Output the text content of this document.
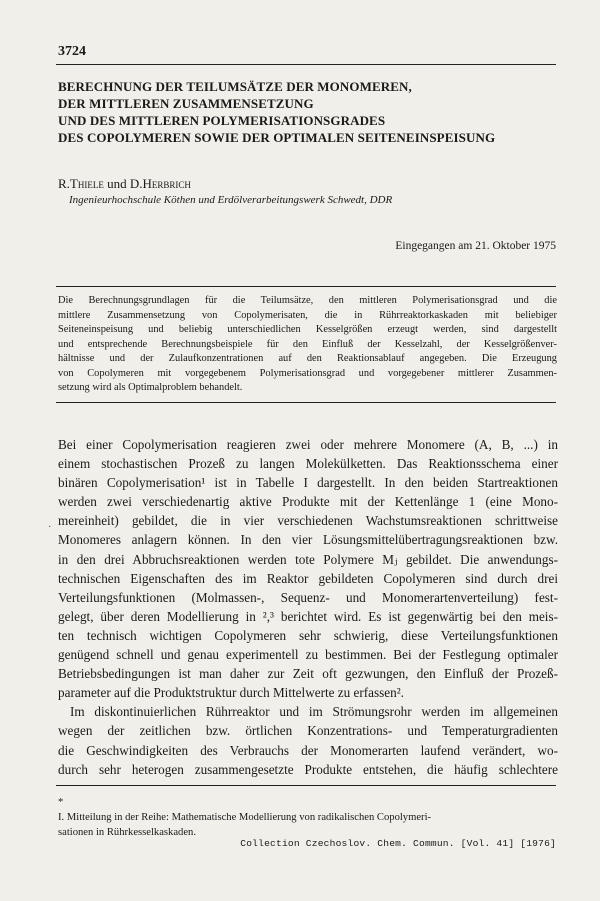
3724
BERECHNUNG DER TEILUMSÄTZE DER MONOMEREN,
DER MITTLEREN ZUSAMMENSETZUNG
UND DES MITTLEREN POLYMERISATIONSGRADES
DES COPOLYMEREN SOWIE DER OPTIMALEN SEITENEINSPEISUNG
R.Thiele und D.Herbrich
Ingenieurhochschule Köthen und Erdölverarbeitungswerk Schwedt, DDR
Eingegangen am 21. Oktober 1975
Die Berechnungsgrundlagen für die Teilumsätze, den mittleren Polymerisationsgrad und die
mittlere Zusammensetzung von Copolymerisaten, die in Rührreaktorkaskaden mit beliebiger
Seiteneinspeisung und beliebig unterschiedlichen Kesselgrößen erzeugt werden, sind dargestellt
und entsprechende Berechnungsbeispiele für den Einfluß der Kesselzahl, der Kesselgrößenver-
hältnisse und der Zulaufkonzentrationen auf den Reaktionsablauf angegeben. Die Erzeugung
von Copolymeren mit vorgegebenem Polymerisationsgrad und vorgegebener mittlerer Zusammen-
setzung wird als Optimalproblem behandelt.
·
Bei einer Copolymerisation reagieren zwei oder mehrere Monomere (A, B, ...) in
einem stochastischen Prozeß zu langen Molekülketten. Das Reaktionsschema einer
binären Copolymerisation¹ ist in Tabelle I dargestellt. In den beiden Startreaktionen
werden zwei verschiedenartig aktive Produkte mit der Kettenlänge 1 (eine Mono-
mereinheit) gebildet, die in vier verschiedenen Wachstumsreaktionen schrittweise
Monomeres anlagern können. In den vier Lösungsmittelübertragungsreaktionen bzw.
in den drei Abbruchsreaktionen werden tote Polymere Mⱼ gebildet. Die anwendungs-
technischen Eigenschaften des im Reaktor gebildeten Copolymeren sind durch drei
Verteilungsfunktionen (Molmassen-, Sequenz- und Monomerartenverteilung) fest-
gelegt, über deren Modellierung in ²,³ berichtet wird. Es ist gegenwärtig bei den meis-
ten technisch wichtigen Copolymeren sehr schwierig, diese Verteilungsfunktionen
genügend schnell und genau experimentell zu bestimmen. Bei der Festlegung optimaler
Betriebsbedingungen ist man daher zur Zeit oft gezwungen, den Einfluß der Prozeß-
parameter auf die Produktstruktur durch Mittelwerte zu erfassen².
Im diskontinuierlichen Rührreaktor und im Strömungsrohr werden im allgemeinen
wegen der zeitlichen bzw. örtlichen Konzentrations- und Temperaturgradienten
die Geschwindigkeiten des Verbrauchs der Monomerarten laufend verändert, wo-
durch sehr heterogen zusammengesetzte Produkte entstehen, die häufig schlechtere
*
I. Mitteilung in der Reihe: Mathematische Modellierung von radikalischen Copolymeri-
sationen in Rührkesselkaskaden.
Collection Czechoslov. Chem. Commun. [Vol. 41] [1976]
